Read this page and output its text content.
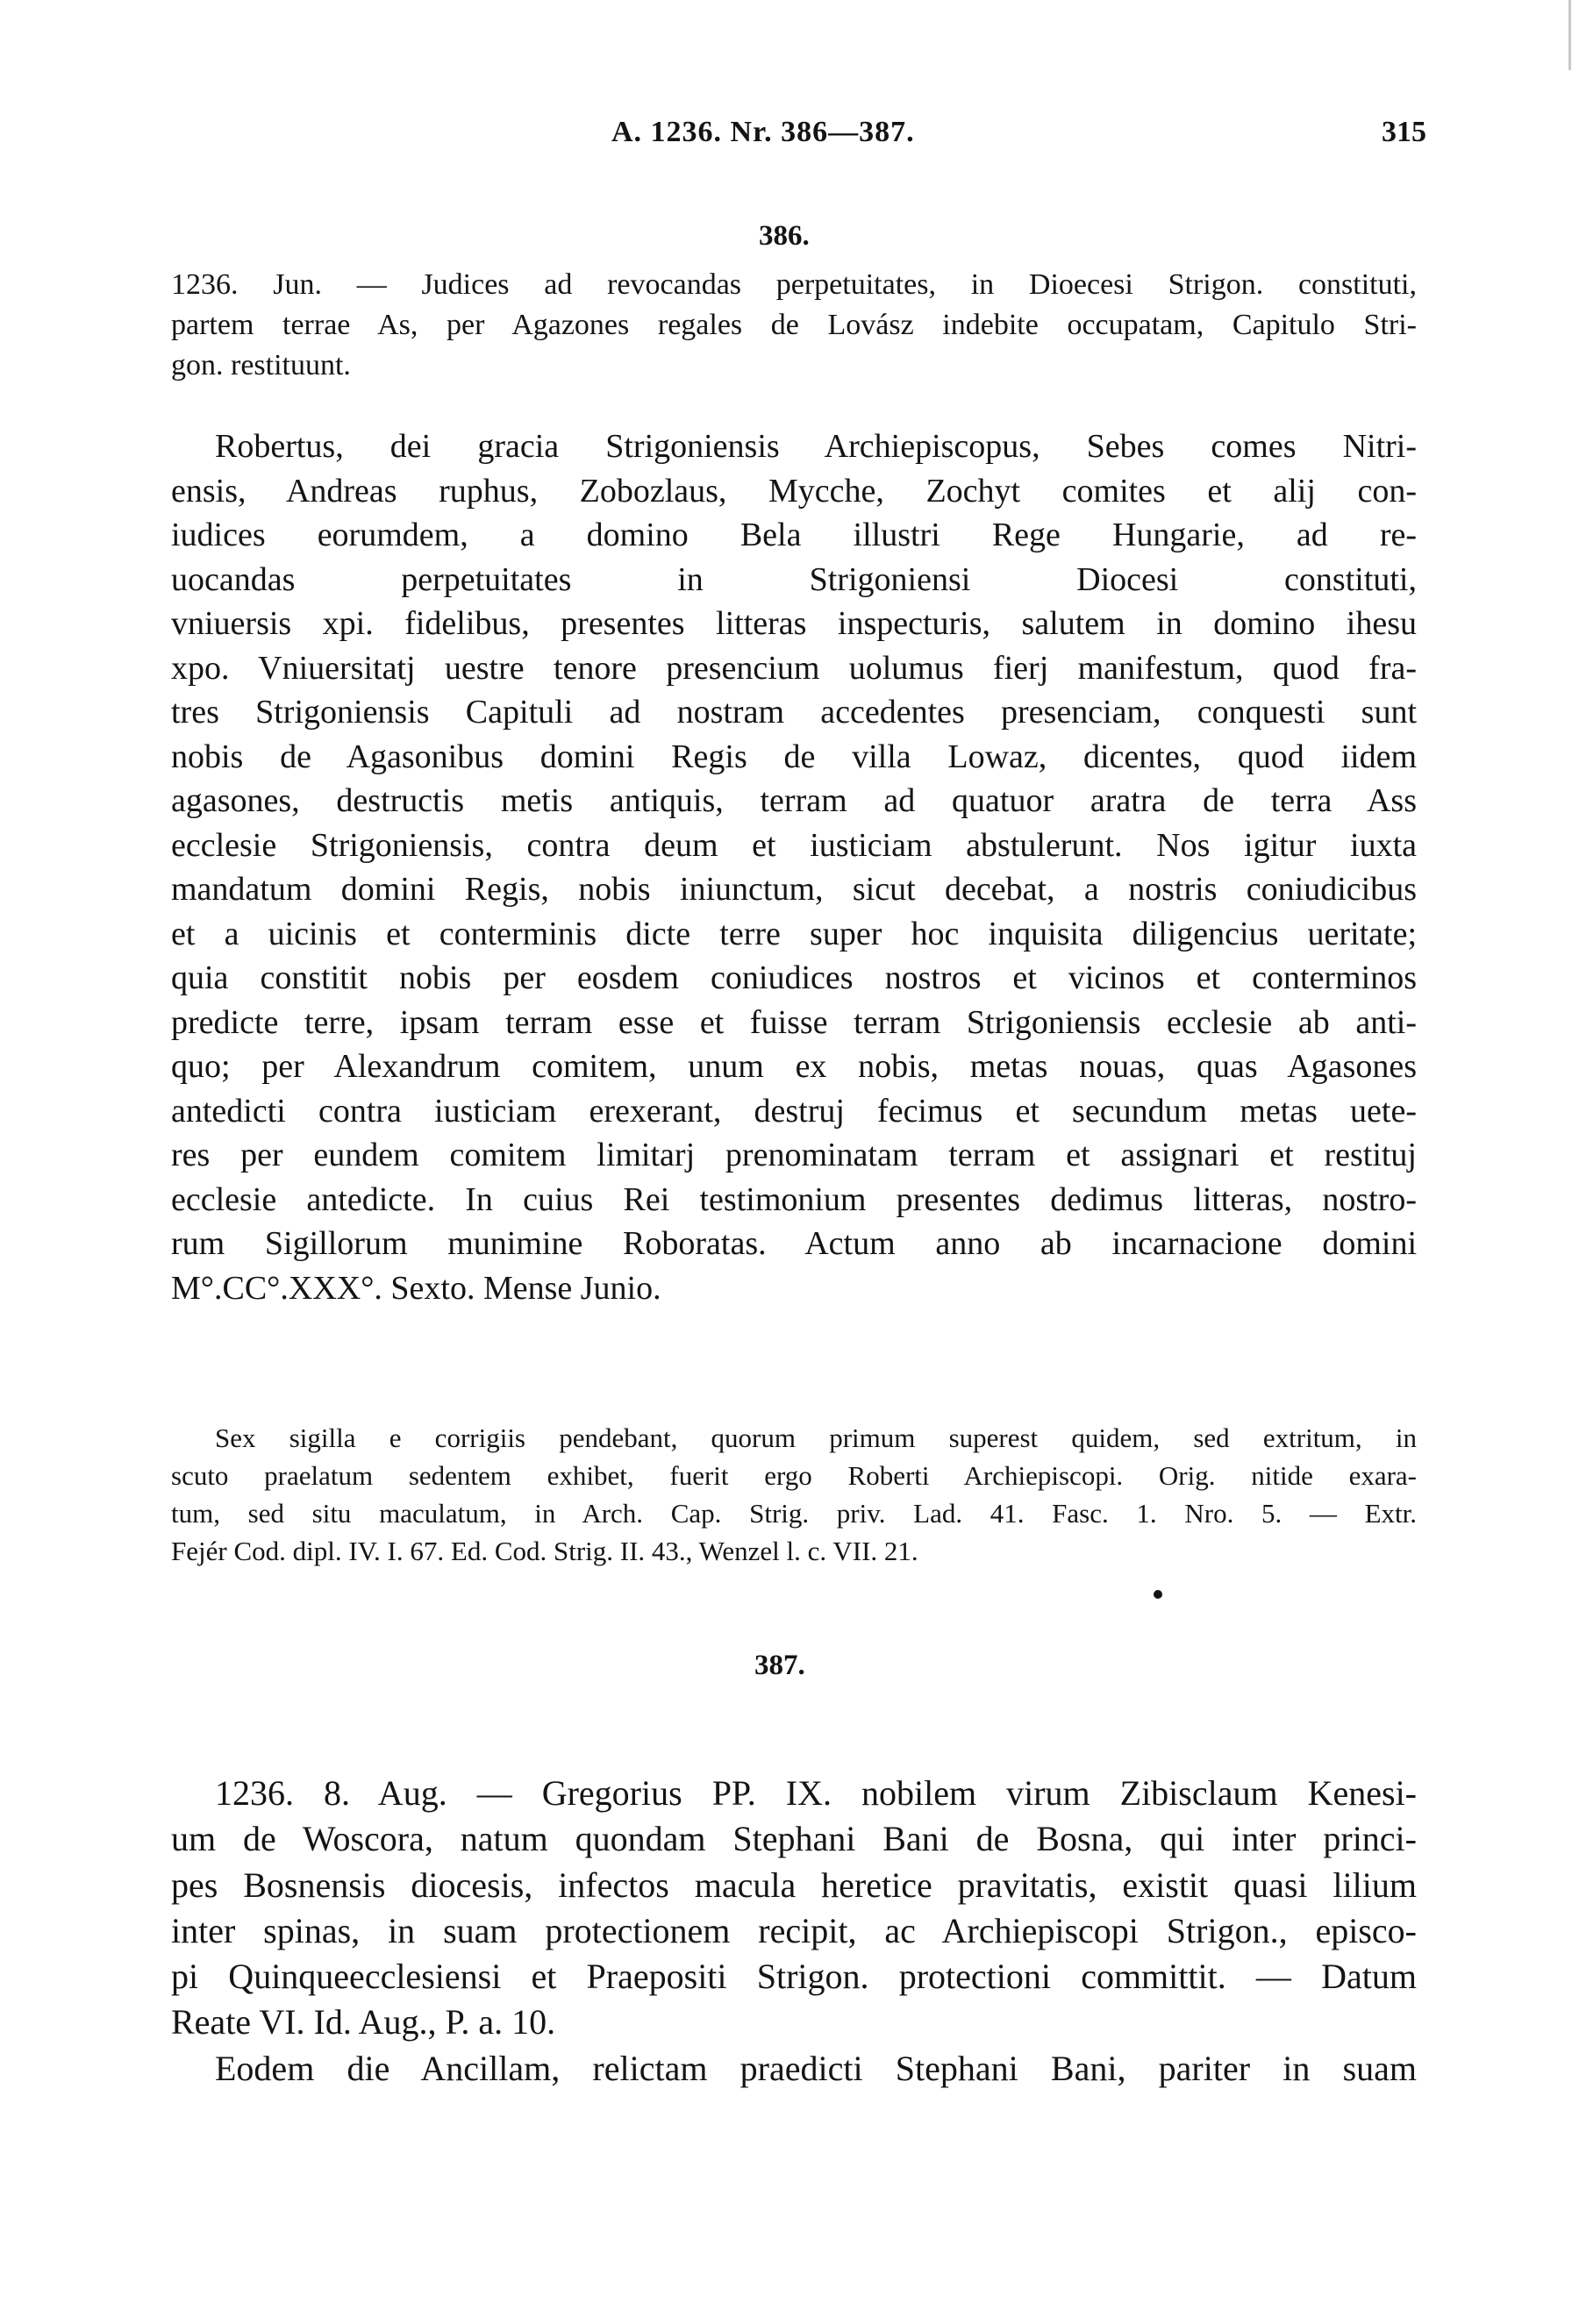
A. 1236. Nr. 386—387.	315
386.
1236. Jun. — Judices ad revocandas perpetuitates, in Dioecesi Strigon. constituti,
partem terrae As, per Agazones regales de Lovász indebite occupatam, Capitulo Stri-
gon. restituunt.
Robertus, dei gracia Strigoniensis Archiepiscopus, Sebes comes Nitri-
ensis, Andreas ruphus, Zobozlaus, Mycche, Zochyt comites et alij con-
iudices eorumdem, a domino Bela illustri Rege Hungarie, ad re-
uocandas perpetuitates in Strigoniensi Diocesi constituti,
vniuersis xpi. fidelibus, presentes litteras inspecturis, salutem in domino ihesu
xpo. Vniuersitatj uestre tenore presencium uolumus fierj manifestum, quod fra-
tres Strigoniensis Capituli ad nostram accedentes presenciam, conquesti sunt
nobis de Agasonibus domini Regis de villa Lowaz, dicentes, quod iidem
agasones, destructis metis antiquis, terram ad quatuor aratra de terra Ass
ecclesie Strigoniensis, contra deum et iusticiam abstulerunt. Nos igitur iuxta
mandatum domini Regis, nobis iniunctum, sicut decebat, a nostris coniudicibus
et a uicinis et conterminis dicte terre super hoc inquisita diligencius ueritate;
quia constitit nobis per eosdem coniudices nostros et vicinos et conterminos
predicte terre, ipsam terram esse et fuisse terram Strigoniensis ecclesie ab anti-
quo; per Alexandrum comitem, unum ex nobis, metas nouas, quas Agasones
antedicti contra iusticiam erexerant, destruj fecimus et secundum metas uete-
res per eundem comitem limitarj prenominatam terram et assignari et restituj
ecclesie antedicte. In cuius Rei testimonium presentes dedimus litteras, nostro-
rum Sigillorum munimine Roboratas. Actum anno ab incarnacione domini
M°.CC°.XXX°. Sexto. Mense Junio.
Sex sigilla e corrigiis pendebant, quorum primum superest quidem, sed extritum, in
scuto praelatum sedentem exhibet, fuerit ergo Roberti Archiepiscopi. Orig. nitide exara-
tum, sed situ maculatum, in Arch. Cap. Strig. priv. Lad. 41. Fasc. 1. Nro. 5. — Extr.
Fejér Cod. dipl. IV. I. 67. Ed. Cod. Strig. II. 43., Wenzel l. c. VII. 21.
387.
1236. 8. Aug. — Gregorius PP. IX. nobilem virum Zibisclaum Kenesi-
um de Woscora, natum quondam Stephani Bani de Bosna, qui inter princi-
pes Bosnensis diocesis, infectos macula heretice pravitatis, existit quasi lilium
inter spinas, in suam protectionem recipit, ac Archiepiscopi Strigon., episco-
pi Quinqueecclesiensi et Praepositi Strigon. protectioni committit. — Datum
Reate VI. Id. Aug., P. a. 10.
Eodem die Ancillam, relictam praedicti Stephani Bani, pariter in suam
